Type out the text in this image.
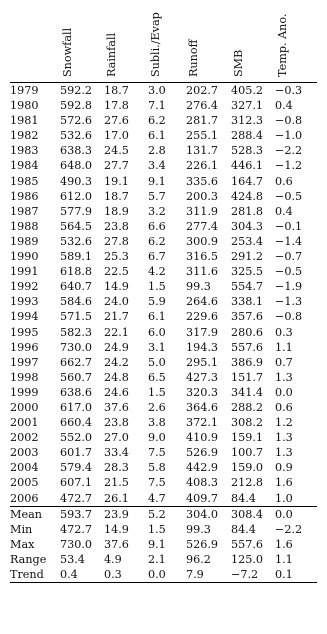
	Snowfall	Rainfall	Subli./Evap	Runoff	SMB	Temp. Ano.

1979	592.2	18.7	3.0	202.7	405.2	−0.3
1980	592.8	17.8	7.1	276.4	327.1	0.4
1981	572.6	27.6	6.2	281.7	312.3	−0.8
1982	532.6	17.0	6.1	255.1	288.4	−1.0
1983	638.3	24.5	2.8	131.7	528.3	−2.2
1984	648.0	27.7	3.4	226.1	446.1	−1.2
1985	490.3	19.1	9.1	335.6	164.7	0.6
1986	612.0	18.7	5.7	200.3	424.8	−0.5
1987	577.9	18.9	3.2	311.9	281.8	0.4
1988	564.5	23.8	6.6	277.4	304.3	−0.1
1989	532.6	27.8	6.2	300.9	253.4	−1.4
1990	589.1	25.3	6.7	316.5	291.2	−0.7
1991	618.8	22.5	4.2	311.6	325.5	−0.5
1992	640.7	14.9	1.5	99.3	554.7	−1.9
1993	584.6	24.0	5.9	264.6	338.1	−1.3
1994	571.5	21.7	6.1	229.6	357.6	−0.8
1995	582.3	22.1	6.0	317.9	280.6	0.3
1996	730.0	24.9	3.1	194.3	557.6	1.1
1997	662.7	24.2	5.0	295.1	386.9	0.7
1998	560.7	24.8	6.5	427.3	151.7	1.3
1999	638.6	24.6	1.5	320.3	341.4	0.0
2000	617.0	37.6	2.6	364.6	288.2	0.6
2001	660.4	23.8	3.8	372.1	308.2	1.2
2002	552.0	27.0	9.0	410.9	159.1	1.3
2003	601.7	33.4	7.5	526.9	100.7	1.3
2004	579.4	28.3	5.8	442.9	159.0	0.9
2005	607.1	21.5	7.5	408.3	212.8	1.6
2006	472.7	26.1	4.7	409.7	84.4	1.0
Mean	593.7	23.9	5.2	304.0	308.4	0.0
Min	472.7	14.9	1.5	99.3	84.4	−2.2
Max	730.0	37.6	9.1	526.9	557.6	1.6
Range	53.4	4.9	2.1	96.2	125.0	1.1
Trend	0.4	0.3	0.0	7.9	−7.2	0.1
